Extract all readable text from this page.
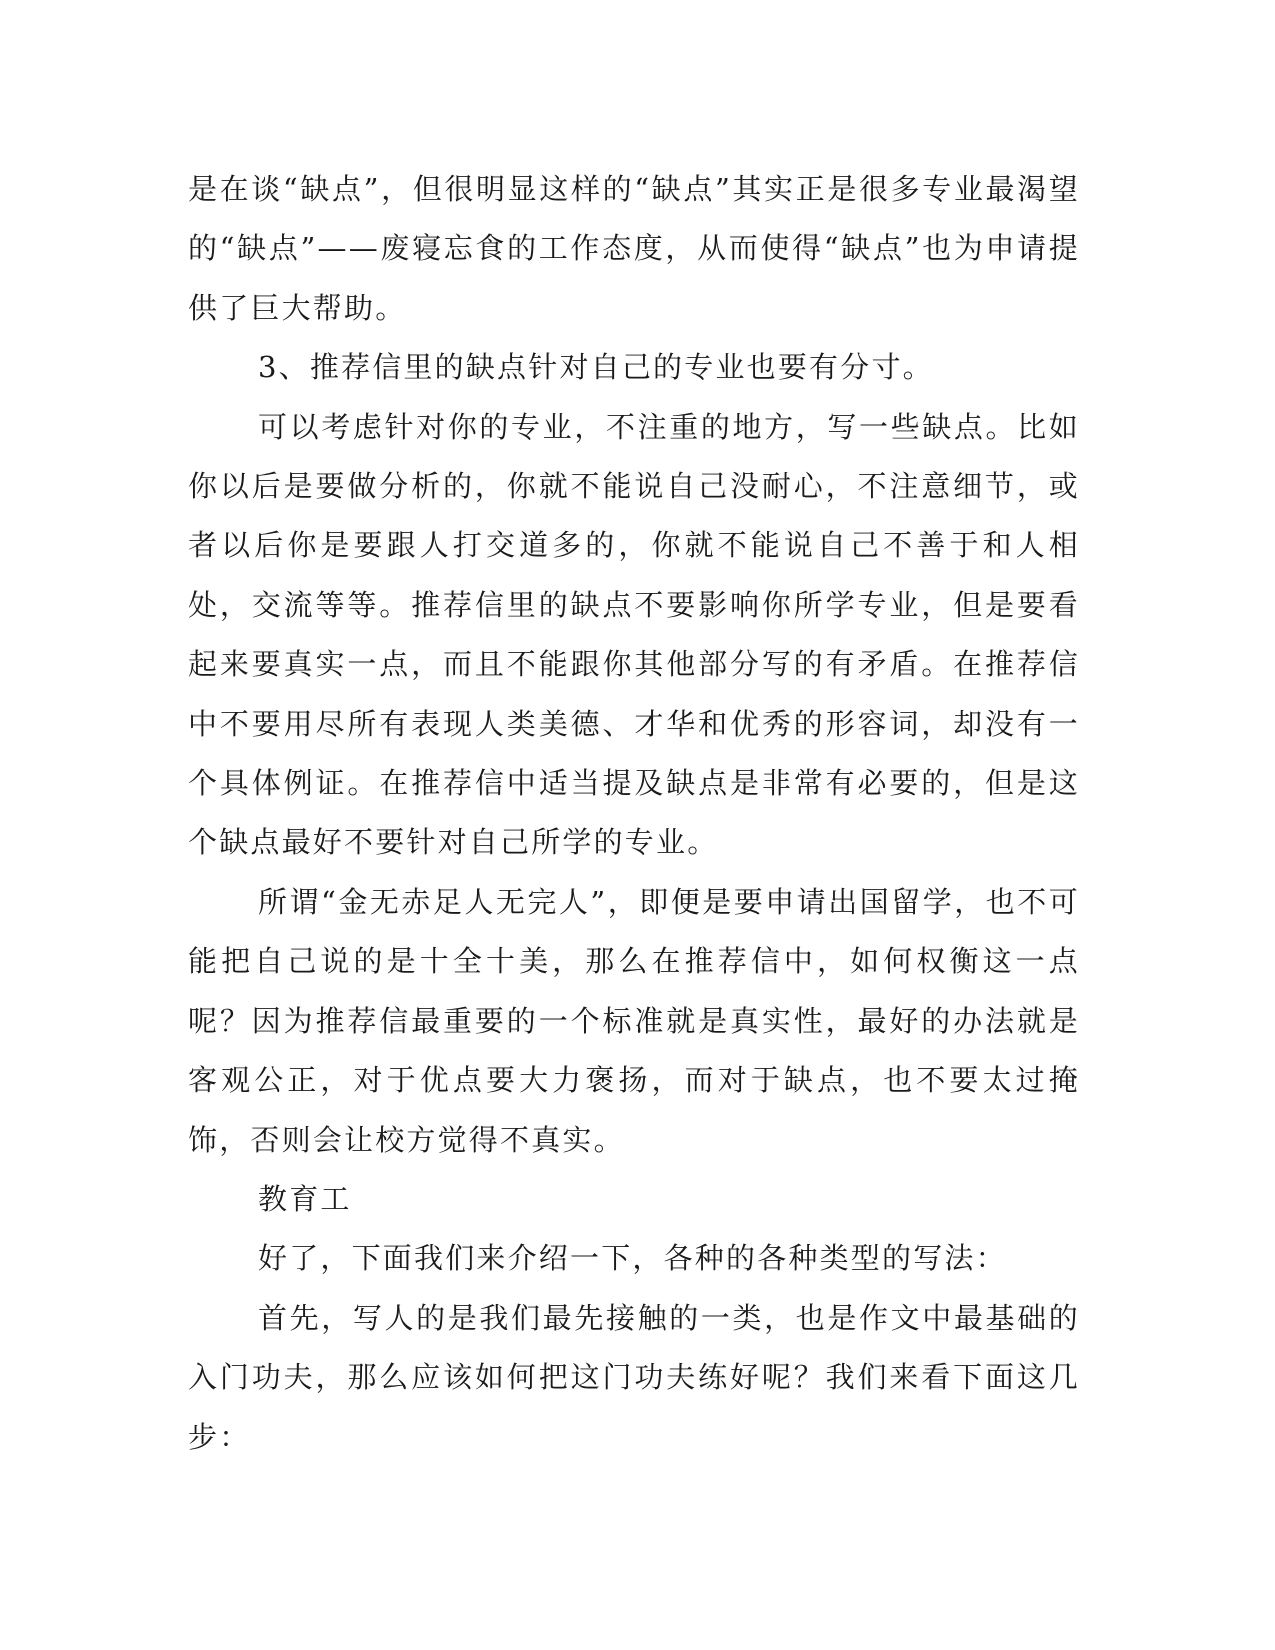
是在谈“缺点”，但很明显这样的“缺点”其实正是很多专业最渴望的“缺点”——废寝忘食的工作态度，从而使得“缺点”也为申请提供了巨大帮助。

3、推荐信里的缺点针对自己的专业也要有分寸。

可以考虑针对你的专业，不注重的地方，写一些缺点。比如你以后是要做分析的，你就不能说自己没耐心，不注意细节，或者以后你是要跟人打交道多的，你就不能说自己不善于和人相处，交流等等。推荐信里的缺点不要影响你所学专业，但是要看起来要真实一点，而且不能跟你其他部分写的有矛盾。在推荐信中不要用尽所有表现人类美德、才华和优秀的形容词，却没有一个具体例证。在推荐信中适当提及缺点是非常有必要的，但是这个缺点最好不要针对自己所学的专业。

所谓“金无赤足人无完人”，即便是要申请出国留学，也不可能把自己说的是十全十美，那么在推荐信中，如何权衡这一点呢？因为推荐信最重要的一个标准就是真实性，最好的办法就是客观公正，对于优点要大力褒扬，而对于缺点，也不要太过掩饰，否则会让校方觉得不真实。

教育工

好了，下面我们来介绍一下，各种的各种类型的写法：

首先，写人的是我们最先接触的一类，也是作文中最基础的入门功夫，那么应该如何把这门功夫练好呢？我们来看下面这几步：
